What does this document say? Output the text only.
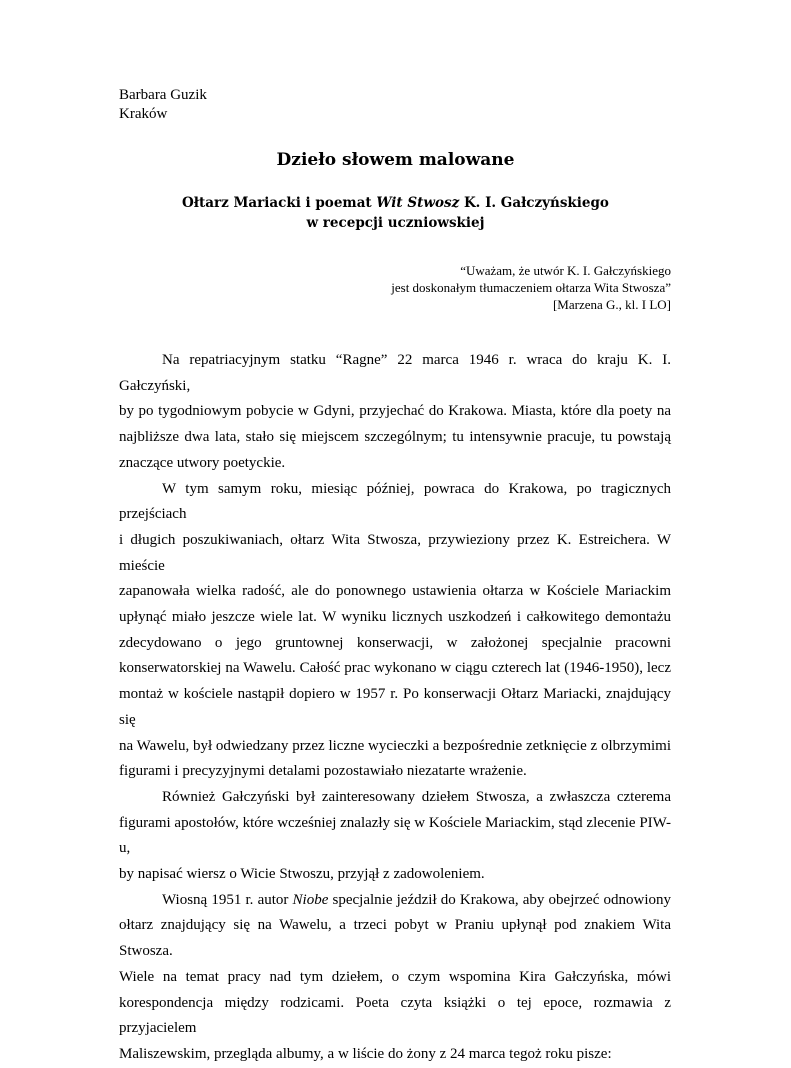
Barbara Guzik
Kraków
Dzieło słowem malowane
Ołtarz Mariacki i poemat Wit Stwosz K. I. Gałczyńskiego
w recepcji uczniowskiej
“Uważam, że utwór K. I. Gałczyńskiego
jest doskonałym tłumaczeniem ołtarza Wita Stwosza”
[Marzena G., kl. I LO]

Na repatriacyjnym statku “Ragne” 22 marca 1946 r. wraca do kraju K. I. Gałczyński,
by po tygodniowym pobycie w Gdyni, przyjechać do Krakowa. Miasta, które dla poety na
najbliższe dwa lata, stało się miejscem szczególnym; tu intensywnie pracuje, tu powstają
znaczące utwory poetyckie.

W tym samym roku, miesiąc później, powraca do Krakowa, po tragicznych przejściach
i długich poszukiwaniach, ołtarz Wita Stwosza, przywieziony przez K. Estreichera. W mieście
zapanowała wielka radość, ale do ponownego ustawienia ołtarza w Kościele Mariackim
upłynąć miało jeszcze wiele lat. W wyniku licznych uszkodzeń i całkowitego demontażu
zdecydowano o jego gruntownej konserwacji, w założonej specjalnie pracowni
konserwatorskiej na Wawelu. Całość prac wykonano w ciągu czterech lat (1946-1950), lecz
montaż w kościele nastąpił dopiero w 1957 r. Po konserwacji Ołtarz Mariacki, znajdujący się
na Wawelu, był odwiedzany przez liczne wycieczki a bezpośrednie zetknięcie z olbrzymimi
figurami i precyzyjnymi detalami pozostawiało niezatarte wrażenie.

Również Gałczyński był zainteresowany dziełem Stwosza, a zwłaszcza czterema
figurami apostołów, które wcześniej znalazły się w Kościele Mariackim, stąd zlecenie PIW-u,
by napisać wiersz o Wicie Stwoszu, przyjął z zadowoleniem.

Wiosną 1951 r. autor Niobe specjalnie jeździł do Krakowa, aby obejrzeć odnowiony
ołtarz znajdujący się na Wawelu, a trzeci pobyt w Praniu upłynął pod znakiem Wita Stwosza.
Wiele na temat pracy nad tym dziełem, o czym wspomina Kira Gałczyńska, mówi
korespondencja między rodzicami. Poeta czyta książki o tej epoce, rozmawia z przyjacielem
Maliszewskim, przegląda albumy, a w liście do żony z 24 marca tegoż roku pisze:
